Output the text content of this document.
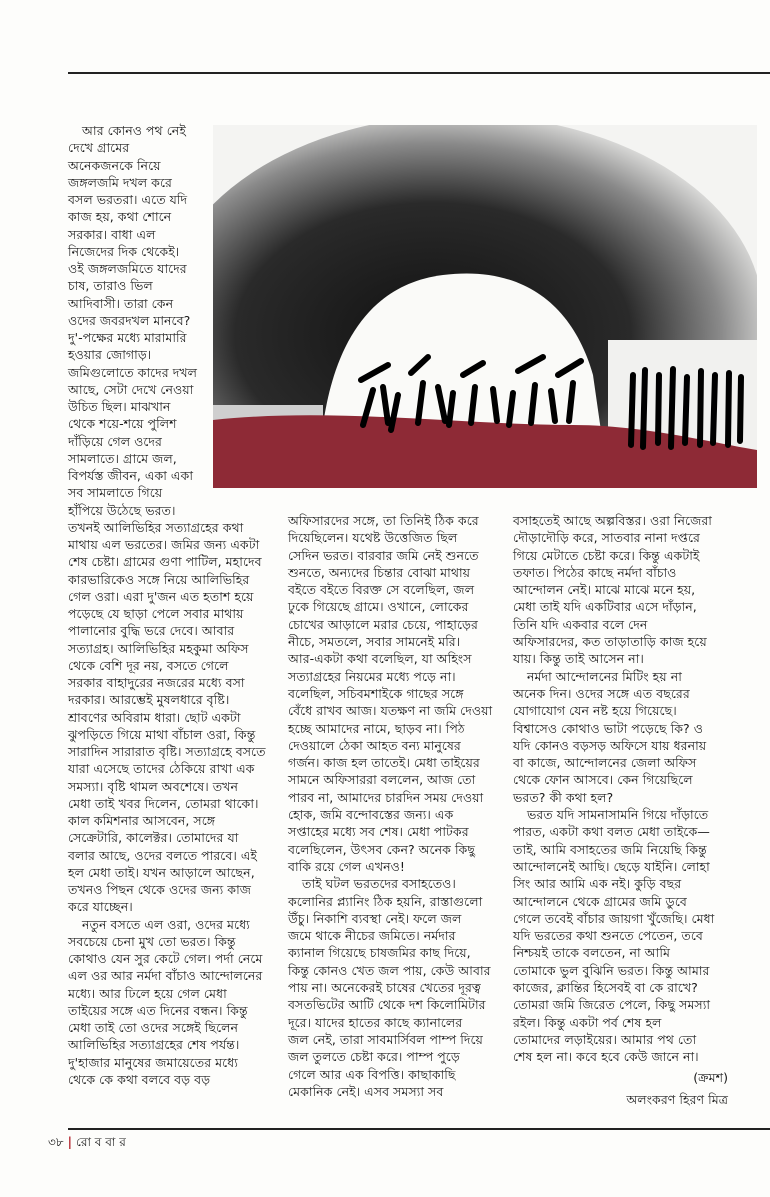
আর কোনও পথ নেই
দেখে গ্রামের
অনেকজনকে নিয়ে
জঙ্গলজমি দখল করে
বসল ভরতরা। এতে যদি
কাজ হয়, কথা শোনে
সরকার। বাধা এল
নিজেদের দিক থেকেই।
ওই জঙ্গলজমিতে যাদের
চাষ, তারাও ভিল
আদিবাসী। তারা কেন
ওদের জবরদখল মানবে?
দু'-পক্ষের মধ্যে মারামারি
হওয়ার জোগাড়।
জমিগুলোতে কাদের দখল
আছে, সেটা দেখে নেওয়া
উচিত ছিল। মাঝখান
থেকে শয়ে-শয়ে পুলিশ
দাঁড়িয়ে গেল ওদের
সামলাতে। গ্রামে জল,
বিপর্যস্ত জীবন, একা একা
সব সামলাতে গিয়ে
হাঁপিয়ে উঠেছে ভরত।
তখনই আলিভিহির সত্যাগ্রহের কথা
মাথায় এল ভরতের। জমির জন্য একটা
শেষ চেষ্টা। গ্রামের গুণা পাটিল, মহাদেব
কারভারিকেও সঙ্গে নিয়ে আলিভিহির
গেল ওরা। এরা দু'জন এত হতাশ হয়ে
পড়েছে যে ছাড়া পেলে সবার মাথায়
পালানোর বুদ্ধি ভরে দেবে। আবার
সত্যাগ্রহ। আলিভিহির মহকুমা অফিস
থেকে বেশি দূর নয়, বসতে গেলে
সরকার বাহাদুরের নজরের মধ্যে বসা
দরকার। আরম্ভেই মুষলধারে বৃষ্টি।
শ্রাবণের অবিরাম ধারা। ছোট একটা
ঝুপড়িতে গিয়ে মাথা বাঁচাল ওরা, কিন্তু
সারাদিন সারারাত বৃষ্টি। সত্যাগ্রহে বসতে
যারা এসেছে তাদের ঠেকিয়ে রাখা এক
সমস্যা। বৃষ্টি থামল অবশেষে। তখন
মেধা তাই খবর দিলেন, তোমরা থাকো।
কাল কমিশনার আসবেন, সঙ্গে
সেক্রেটারি, কালেক্টর। তোমাদের যা
বলার আছে, ওদের বলতে পারবে। এই
হল মেধা তাই। যখন আড়ালে আছেন,
তখনও পিছন থেকে ওদের জন্য কাজ
করে যাচ্ছেন।
নতুন বসতে এল ওরা, ওদের মধ্যে
সবচেয়ে চেনা মুখ তো ভরত। কিন্তু
কোথাও যেন সুর কেটে গেল। পর্দা নেমে
এল ওর আর নর্মদা বাঁচাও আন্দোলনের
মধ্যে। আর ঢিলে হয়ে গেল মেধা
তাইয়ের সঙ্গে এত দিনের বন্ধন। কিন্তু
মেধা তাই তো ওদের সঙ্গেই ছিলেন
আলিভিহির সত্যাগ্রহের শেষ পর্যন্ত।
দু'হাজার মানুষের জমায়েতের মধ্যে
থেকে কে কথা বলবে বড় বড়
অফিসারদের সঙ্গে, তা তিনিই ঠিক করে
দিয়েছিলেন। যথেষ্ট উত্তেজিত ছিল
সেদিন ভরত। বারবার জমি নেই শুনতে
শুনতে, অন্যদের চিন্তার বোঝা মাথায়
বইতে বইতে বিরক্ত সে বলেছিল, জল
ঢুকে গিয়েছে গ্রামে। ওখানে, লোকের
চোখের আড়ালে মরার চেয়ে, পাহাড়ের
নীচে, সমতলে, সবার সামনেই মরি।
আর-একটা কথা বলেছিল, যা অহিংস
সত্যাগ্রহের নিয়মের মধ্যে পড়ে না।
বলেছিল, সচিবমশাইকে গাছের সঙ্গে
বেঁধে রাখব আজ। যতক্ষণ না জমি দেওয়া
হচ্ছে আমাদের নামে, ছাড়ব না। পিঠ
দেওয়ালে ঠেকা আহত বন্য মানুষের
গর্জন। কাজ হল তাতেই। মেধা তাইয়ের
সামনে অফিসাররা বললেন, আজ তো
পারব না, আমাদের চারদিন সময় দেওয়া
হোক, জমি বন্দোবস্তের জন্য। এক
সপ্তাহের মধ্যে সব শেষ। মেধা পাটকর
বলেছিলেন, উৎসব কেন? অনেক কিছু
বাকি রয়ে গেল এখনও!
তাই ঘটল ভরতদের বসাহতেও।
কলোনির প্ল্যানিং ঠিক হয়নি, রাস্তাগুলো
উঁচু। নিকাশি ব্যবস্থা নেই। ফলে জল
জমে থাকে নীচের জমিতে। নর্মদার
ক্যানাল গিয়েছে চাষজমির কাছ দিয়ে,
কিন্তু কোনও খেত জল পায়, কেউ আবার
পায় না। অনেকেরই চাষের খেতের দূরত্ব
বসতভিটের আটি থেকে দশ কিলোমিটার
দূরে। যাদের হাতের কাছে ক্যানালের
জল নেই, তারা সাবমার্সিবল পাম্প দিয়ে
জল তুলতে চেষ্টা করে। পাম্প পুড়ে
গেলে আর এক বিপত্তি। কাছাকাছি
মেকানিক নেই। এসব সমস্যা সব
বসাহতেই আছে অল্পবিস্তর। ওরা নিজেরা
দৌড়াদৌড়ি করে, সাতবার নানা দপ্তরে
গিয়ে মেটাতে চেষ্টা করে। কিন্তু একটাই
তফাত। পিঠের কাছে নর্মদা বাঁচাও
আন্দোলন নেই। মাঝে মাঝে মনে হয়,
মেধা তাই যদি একটিবার এসে দাঁড়ান,
তিনি যদি একবার বলে দেন
অফিসারদের, কত তাড়াতাড়ি কাজ হয়ে
যায়। কিন্তু তাই আসেন না।
নর্মদা আন্দোলনের মিটিং হয় না
অনেক দিন। ওদের সঙ্গে এত বছরের
যোগাযোগ যেন নষ্ট হয়ে গিয়েছে।
বিশ্বাসেও কোথাও ভাটা পড়েছে কি? ও
যদি কোনও বড়সড় অফিসে যায় ধরনায়
বা কাজে, আন্দোলনের জেলা অফিস
থেকে ফোন আসবে। কেন গিয়েছিলে
ভরত? কী কথা হল?
ভরত যদি সামনাসামনি গিয়ে দাঁড়াতে
পারত, একটা কথা বলত মেধা তাইকে—
তাই, আমি বসাহতের জমি নিয়েছি কিন্তু
আন্দোলনেই আছি। ছেড়ে যাইনি। লোহা
সিং আর আমি এক নই। কুড়ি বছর
আন্দোলনে থেকে গ্রামের জমি ডুবে
গেলে তবেই বাঁচার জায়গা খুঁজেছি। মেধা
যদি ভরতের কথা শুনতে পেতেন, তবে
নিশ্চয়ই তাকে বলতেন, না আমি
তোমাকে ভুল বুঝিনি ভরত। কিন্তু আমার
কাজের, ক্লান্তির হিসেবই বা কে রাখে?
তোমরা জমি জিরেত পেলে, কিছু সমস্যা
রইল। কিন্তু একটা পর্ব শেষ হল
তোমাদের লড়াইয়ের। আমার পথ তো
শেষ হল না। কবে হবে কেউ জানে না।
(ক্রমশ)
অলংকরণ হিরণ মিত্র
৩৮ | রো ব বা র
